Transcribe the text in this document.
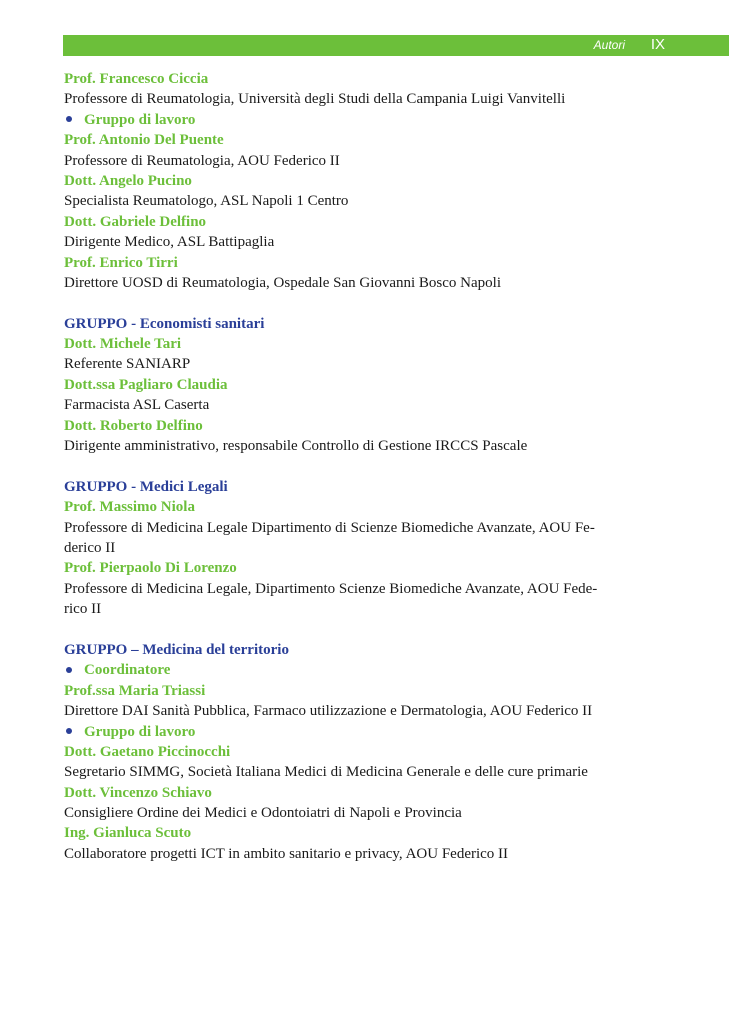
Autori IX
Prof. Francesco Ciccia
Professore di Reumatologia, Università degli Studi della Campania Luigi Vanvitelli
Gruppo di lavoro
Prof. Antonio Del Puente
Professore di Reumatologia, AOU Federico II
Dott. Angelo Pucino
Specialista Reumatologo, ASL Napoli 1 Centro
Dott. Gabriele Delfino
Dirigente Medico, ASL Battipaglia
Prof. Enrico Tirri
Direttore UOSD di Reumatologia, Ospedale San Giovanni Bosco Napoli
GRUPPO - Economisti sanitari
Dott. Michele Tari
Referente SANIARP
Dott.ssa Pagliaro Claudia
Farmacista ASL Caserta
Dott. Roberto Delfino
Dirigente amministrativo, responsabile Controllo di Gestione IRCCS Pascale
GRUPPO - Medici Legali
Prof. Massimo Niola
Professore di Medicina Legale Dipartimento di Scienze Biomediche Avanzate, AOU Fe-
derico II
Prof. Pierpaolo Di Lorenzo
Professore di Medicina Legale, Dipartimento Scienze Biomediche Avanzate, AOU Fede-
rico II
GRUPPO – Medicina del territorio
Coordinatore
Prof.ssa Maria Triassi
Direttore DAI Sanità Pubblica, Farmaco utilizzazione e Dermatologia, AOU Federico II
Gruppo di lavoro
Dott. Gaetano Piccinocchi
Segretario SIMMG, Società Italiana Medici di Medicina Generale e delle cure primarie
Dott. Vincenzo Schiavo
Consigliere Ordine dei Medici e Odontoiatri di Napoli e Provincia
Ing. Gianluca Scuto
Collaboratore progetti ICT in ambito sanitario e privacy, AOU Federico II
